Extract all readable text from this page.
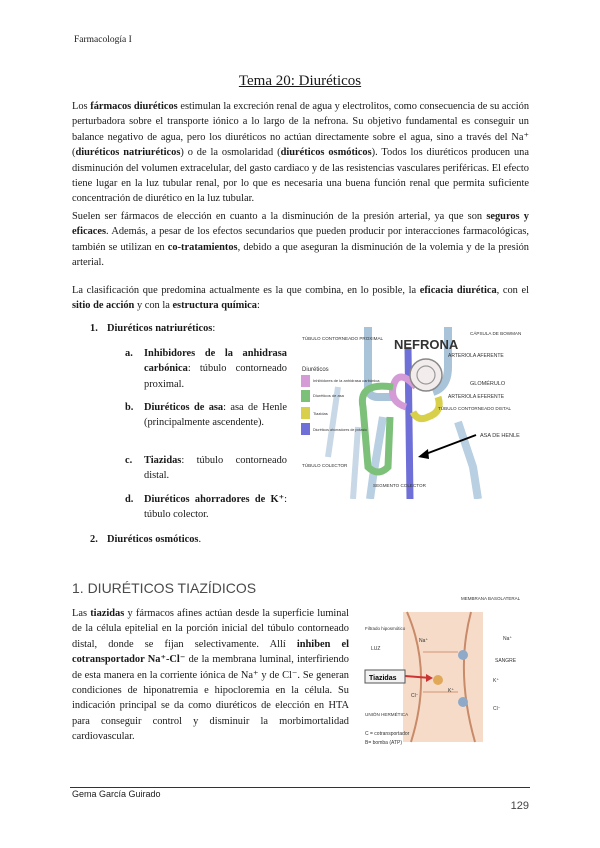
Farmacología I
Tema 20: Diuréticos

Los fármacos diuréticos estimulan la excreción renal de agua y electrolitos, como consecuencia de su acción perturbadora sobre el transporte iónico a lo largo de la nefrona. Su objetivo fundamental es conseguir un balance negativo de agua, pero los diuréticos no actúan directamente sobre el agua, sino a través del Na⁺ (diuréticos natriuréticos) o de la osmolaridad (diuréticos osmóticos). Todos los diuréticos producen una disminución del volumen extracelular, del gasto cardiaco y de las resistencias vasculares periféricas. El efecto tiene lugar en la luz tubular renal, por lo que es necesaria una buena función renal que permita suficiente concentración de diurético en la luz tubular.

Suelen ser fármacos de elección en cuanto a la disminución de la presión arterial, ya que son seguros y eficaces. Además, a pesar de los efectos secundarios que pueden producir por interacciones farmacológicas, también se utilizan en co-tratamientos, debido a que aseguran la disminución de la volemia y de la presión arterial.

La clasificación que predomina actualmente es la que combina, en lo posible, la eficacia diurética, con el sitio de acción y con la estructura química:

1. Diuréticos natriuréticos:
a. Inhibidores de la anhidrasa carbónica: túbulo contorneado proximal.
b. Diuréticos de asa: asa de Henle (principalmente ascendente).
c. Tiazidas: túbulo contorneado distal.
d. Diuréticos ahorradores de K⁺: túbulo colector.
2. Diuréticos osmóticos.
Diuréticos
Inhibidores de la anhidrasa carbónica
Diuréticos de asa
Tiazidas
Diuréticos ahorradores de potasio
NEFRONA
TÚBULO CONTORNEADO PROXIMAL
CÁPSULA DE BOWMAN
ARTERIOLA AFERENTE
GLOMÉRULO
ARTERIOLA EFERENTE
TÚBULO CONTORNEADO DISTAL
ASA DE HENLE
TÚBULO COLECTOR
SEGMENTO COLECTOR
1. DIURÉTICOS TIAZÍDICOS

Las tiazidas y fármacos afines actúan desde la superficie luminal de la célula epitelial en la porción inicial del túbulo contorneado distal, donde se fijan selectivamente. Allí inhiben el cotransportador Na⁺-Cl⁻ de la membrana luminal, interfiriendo de esta manera en la corriente iónica de Na⁺ y de Cl⁻. Se generan condiciones de hiponatremia e hipocloremia en la célula. Su indicación principal se da como diuréticos de elección en HTA para conseguir control y disminuir la morbimortalidad cardiovascular.

Tiazidas
MEMBRANA BASOLATERAL
Filtrado hiposmótico
LUZ
SANGRE
UNIÓN HERMÉTICA
Na⁺	Na⁺
K⁺
K⁺
Cl⁻
Cl⁻
C = cotransportador
B= bomba (ATP)
Gema García Guirado
129
